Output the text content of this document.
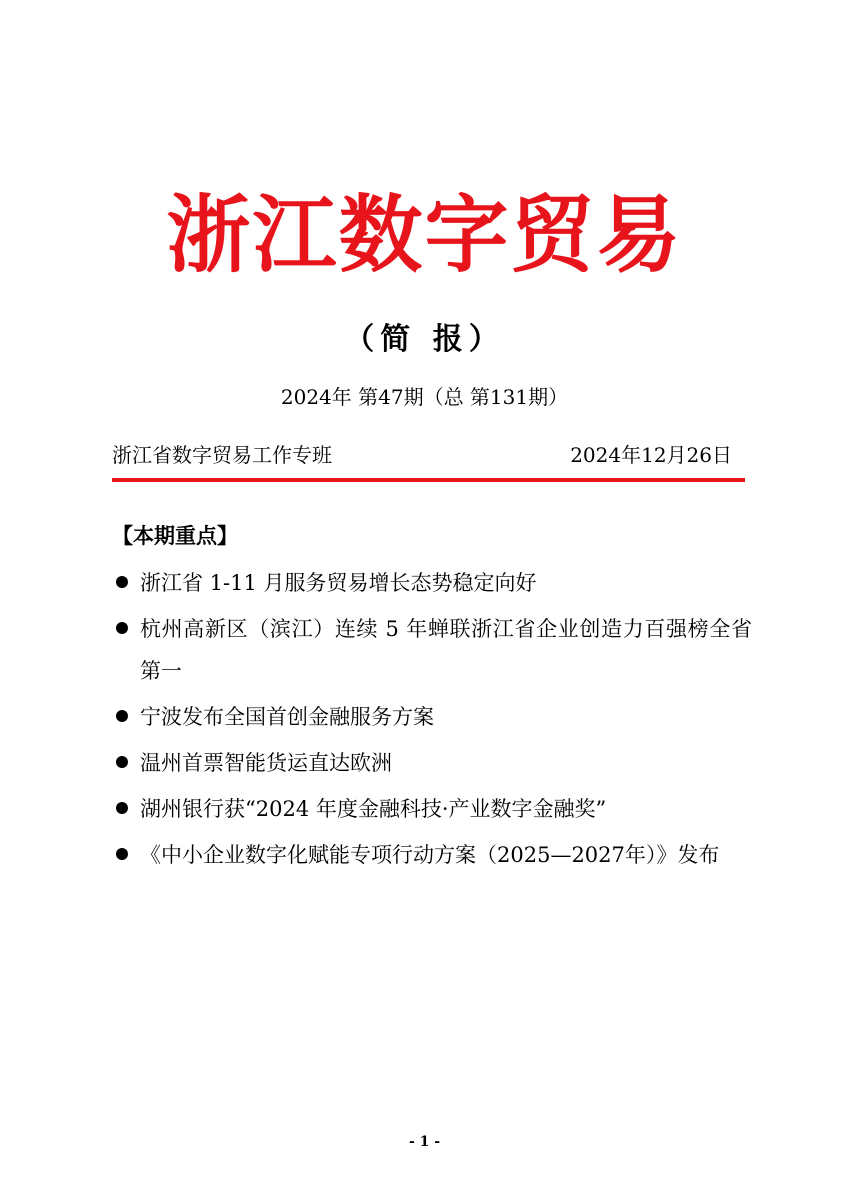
浙江数字贸易
（简 报）
2024年 第47期（总 第131期）
浙江省数字贸易工作专班	2024年12月26日
【本期重点】
浙江省 1-11 月服务贸易增长态势稳定向好
杭州高新区（滨江）连续 5 年蝉联浙江省企业创造力百强榜全省第一
宁波发布全国首创金融服务方案
温州首票智能货运直达欧洲
湖州银行获“2024 年度金融科技·产业数字金融奖”
《中小企业数字化赋能专项行动方案（2025—2027年）》发布
- 1 -
